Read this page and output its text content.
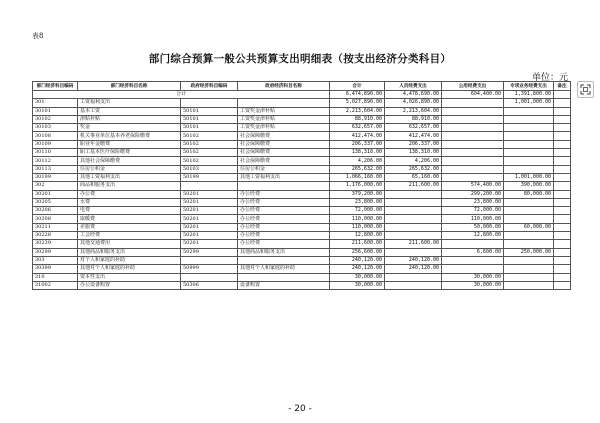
表8
部门综合预算一般公共预算支出明细表（按支出经济分类科目）
单位：元
部门经济科目编码	部门经济科目名称	政府经济科目编码	政府经济科目名称	合计	人员经费支出	公用经费支出	专项业务经费支出	备注
合计				6,474,890.00	4,478,690.00	604,400.00	1,391,800.00	
301	工资福利支出			5,027,890.00	4,026,890.00		1,001,000.00	
30101	基本工资	50101	工资奖金津补贴	2,213,604.00	2,213,604.00			
30102	津贴补贴	50101	工资奖金津补贴	88,910.00	88,910.00			
30103	奖金	50101	工资奖金津补贴	632,657.00	632,657.00			
30108	机关事业单位基本养老保险缴费	50102	社会保障缴费	412,474.00	412,474.00			
30109	职业年金缴费	50102	社会保障缴费	206,337.00	206,337.00			
30110	职工基本医疗保险缴费	50102	社会保障缴费	138,310.00	138,310.00			
30112	其他社会保障缴费	50102	社会保障缴费	4,206.00	4,206.00			
30113	住房公积金	50103	住房公积金	265,632.00	265,632.00			
30199	其他工资福利支出	50199	其他工资福利支出	1,066,160.00	65,160.00		1,001,000.00	
302	商品和服务支出			1,176,000.00	211,600.00	574,400.00	390,000.00	
30201	办公费	50201	办公经费	379,200.00		299,200.00	80,000.00	
30205	水费	50201	办公经费	23,800.00		23,800.00		
30206	电费	50201	办公经费	72,000.00		72,000.00		
30208	取暖费	50201	办公经费	110,000.00		110,000.00		
30211	差旅费	50201	办公经费	110,000.00		50,000.00	60,000.00	
30228	工会经费	50201	办公经费	12,800.00		12,800.00		
30239	其他交通费用	50201	办公经费	211,600.00	211,600.00			
30299	其他商品和服务支出	50299	其他商品和服务支出	256,600.00		6,600.00	250,000.00	
303	对个人和家庭的补助			240,120.00	240,120.00			
30399	其他对个人和家庭的补助	50999	其他对个人和家庭的补助	240,120.00	240,120.00			
310	资本性支出			30,000.00		30,000.00		
31002	办公设备购置	50306	设备购置	30,000.00		30,000.00		
- 20 -
